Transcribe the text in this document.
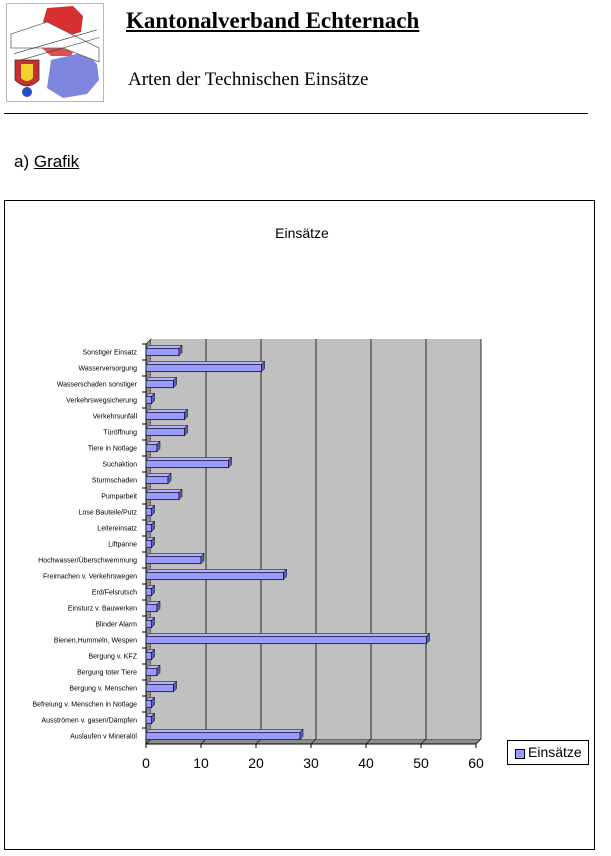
Kantonalverband Echternach
Arten der Technischen Einsätze
a) Grafik
Einsätze
0	10	20	30	40	50	60
Sonstiger Einsatz
Wasserversorgung
Wasserschaden sonstiger
Verkehrswegsicherung
Verkehrsunfall
Türöffnung
Tiere in Notlage
Suchaktion
Sturmschaden
Pumparbeit
Lose Bauteile/Putz
Leitereinsatz
Liftpanne
Hochwasser/Überschwemmung
Freimachen v. Verkehrswegen
Erd/Felsrutsch
Einsturz v. Bauwerken
Blinder Alarm
Bienen,Hummeln, Wespen
Bergung v. KFZ
Bergung toter Tiere
Bergung v. Menschen
Befreiung v. Menschen in Notlage
Ausströmen v. gasen/Dämpfen
Auslaufen v Mineralöl
Einsätze
